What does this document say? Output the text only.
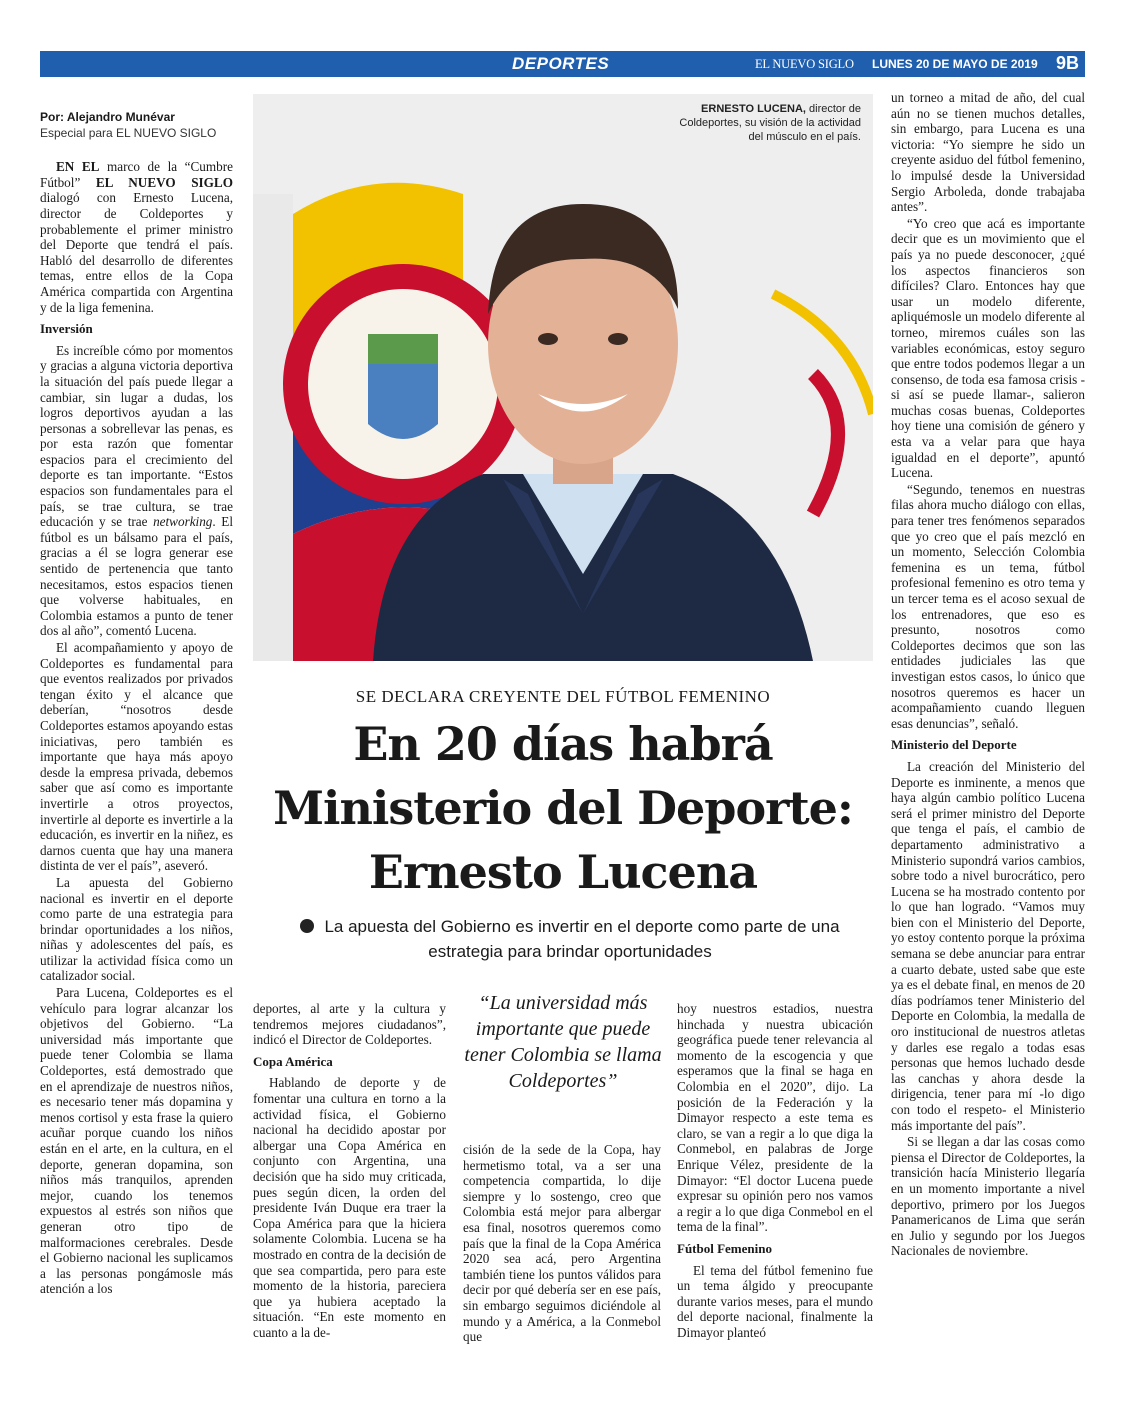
DEPORTES	EL NUEVO SIGLO LUNES 20 DE MAYO DE 2019 9B
Por: Alejandro Munévar
Especial para EL NUEVO SIGLO

EN EL marco de la “Cumbre Fútbol” EL NUEVO SIGLO dialogó con Ernesto Lucena, director de Coldeportes y probablemente el primer ministro del Deporte que tendrá el país. Habló del desarrollo de diferentes temas, entre ellos de la Copa América compartida con Argentina y de la liga femenina.

Inversión

Es increíble cómo por momentos y gracias a alguna victoria deportiva la situación del país puede llegar a cambiar, sin lugar a dudas, los logros deportivos ayudan a las personas a sobrellevar las penas, es por esta razón que fomentar espacios para el crecimiento del deporte es tan importante. “Estos espacios son fundamentales para el país, se trae cultura, se trae educación y se trae networking. El fútbol es un bálsamo para el país, gracias a él se logra generar ese sentido de pertenencia que tanto necesitamos, estos espacios tienen que volverse habituales, en Colombia estamos a punto de tener dos al año”, comentó Lucena.

El acompañamiento y apoyo de Coldeportes es fundamental para que eventos realizados por privados tengan éxito y el alcance que deberían, “nosotros desde Coldeportes estamos apoyando estas iniciativas, pero también es importante que haya más apoyo desde la empresa privada, debemos saber que así como es importante invertirle a otros proyectos, invertirle al deporte es invertirle a la educación, es invertir en la niñez, es darnos cuenta que hay una manera distinta de ver el país”, aseveró.

La apuesta del Gobierno nacional es invertir en el deporte como parte de una estrategia para brindar oportunidades a los niños, niñas y adolescentes del país, es utilizar la actividad física como un catalizador social.

Para Lucena, Coldeportes es el vehículo para lograr alcanzar los objetivos del Gobierno. “La universidad más importante que puede tener Colombia se llama Coldeportes, está demostrado que en el aprendizaje de nuestros niños, es necesario tener más dopamina y menos cortisol y esta frase la quiero acuñar porque cuando los niños están en el arte, en la cultura, en el deporte, generan dopamina, son niños más tranquilos, aprenden mejor, cuando los tenemos expuestos al estrés son niños que generan otro tipo de malformaciones cerebrales. Desde el Gobierno nacional les suplicamos a las personas pongámosle más atención a los

ERNESTO LUCENA, director de Coldeportes, su visión de la actividad del músculo en el país.
SE DECLARA CREYENTE DEL FÚTBOL FEMENINO
En 20 días habrá
Ministerio del Deporte:
Ernesto Lucena
La apuesta del Gobierno es invertir en el deporte como parte de una estrategia para brindar oportunidades

deportes, al arte y la cultura y tendremos mejores ciudadanos”, indicó el Director de Coldeportes.

Copa América

Hablando de deporte y de fomentar una cultura en torno a la actividad física, el Gobierno nacional ha decidido apostar por albergar una Copa América en conjunto con Argentina, una decisión que ha sido muy criticada, pues según dicen, la orden del presidente Iván Duque era traer la Copa América para que la hiciera solamente Colombia. Lucena se ha mostrado en contra de la decisión de que sea compartida, pero para este momento de la historia, pareciera que ya hubiera aceptado la situación. “En este momento en cuanto a la de-

“La universidad más importante que puede tener Colombia se llama Coldeportes”

cisión de la sede de la Copa, hay hermetismo total, va a ser una competencia compartida, lo dije siempre y lo sostengo, creo que Colombia está mejor para albergar esa final, nosotros queremos como país que la final de la Copa América 2020 sea acá, pero Argentina también tiene los puntos válidos para decir por qué debería ser en ese país, sin embargo seguimos diciéndole al mundo y a América, a la Conmebol que

hoy nuestros estadios, nuestra hinchada y nuestra ubicación geográfica puede tener relevancia al momento de la escogencia y que esperamos que la final se haga en Colombia en el 2020”, dijo. La posición de la Federación y la Dimayor respecto a este tema es claro, se van a regir a lo que diga la Conmebol, en palabras de Jorge Enrique Vélez, presidente de la Dimayor: “El doctor Lucena puede expresar su opinión pero nos vamos a regir a lo que diga Conmebol en el tema de la final”.

Fútbol Femenino

El tema del fútbol femenino fue un tema álgido y preocupante durante varios meses, para el mundo del deporte nacional, finalmente la Dimayor planteó

un torneo a mitad de año, del cual aún no se tienen muchos detalles, sin embargo, para Lucena es una victoria: “Yo siempre he sido un creyente asiduo del fútbol femenino, lo impulsé desde la Universidad Sergio Arboleda, donde trabajaba antes”.

“Yo creo que acá es importante decir que es un movimiento que el país ya no puede desconocer, ¿qué los aspectos financieros son difíciles? Claro. Entonces hay que usar un modelo diferente, apliquémosle un modelo diferente al torneo, miremos cuáles son las variables económicas, estoy seguro que entre todos podemos llegar a un consenso, de toda esa famosa crisis -si así se puede llamar-, salieron muchas cosas buenas, Coldeportes hoy tiene una comisión de género y esta va a velar para que haya igualdad en el deporte”, apuntó Lucena.

“Segundo, tenemos en nuestras filas ahora mucho diálogo con ellas, para tener tres fenómenos separados que yo creo que el país mezcló en un momento, Selección Colombia femenina es un tema, fútbol profesional femenino es otro tema y un tercer tema es el acoso sexual de los entrenadores, que eso es presunto, nosotros como Coldeportes decimos que son las entidades judiciales las que investigan estos casos, lo único que nosotros queremos es hacer un acompañamiento cuando lleguen esas denuncias”, señaló.

Ministerio del Deporte

La creación del Ministerio del Deporte es inminente, a menos que haya algún cambio político Lucena será el primer ministro del Deporte que tenga el país, el cambio de departamento administrativo a Ministerio supondrá varios cambios, sobre todo a nivel burocrático, pero Lucena se ha mostrado contento por lo que han logrado. “Vamos muy bien con el Ministerio del Deporte, yo estoy contento porque la próxima semana se debe anunciar para entrar a cuarto debate, usted sabe que este ya es el debate final, en menos de 20 días podríamos tener Ministerio del Deporte en Colombia, la medalla de oro institucional de nuestros atletas y darles ese regalo a todas esas personas que hemos luchado desde las canchas y ahora desde la dirigencia, tener para mí -lo digo con todo el respeto- el Ministerio más importante del país”.

Si se llegan a dar las cosas como piensa el Director de Coldeportes, la transición hacía Ministerio llegaría en un momento importante a nivel deportivo, primero por los Juegos Panamericanos de Lima que serán en Julio y segundo por los Juegos Nacionales de noviembre.
